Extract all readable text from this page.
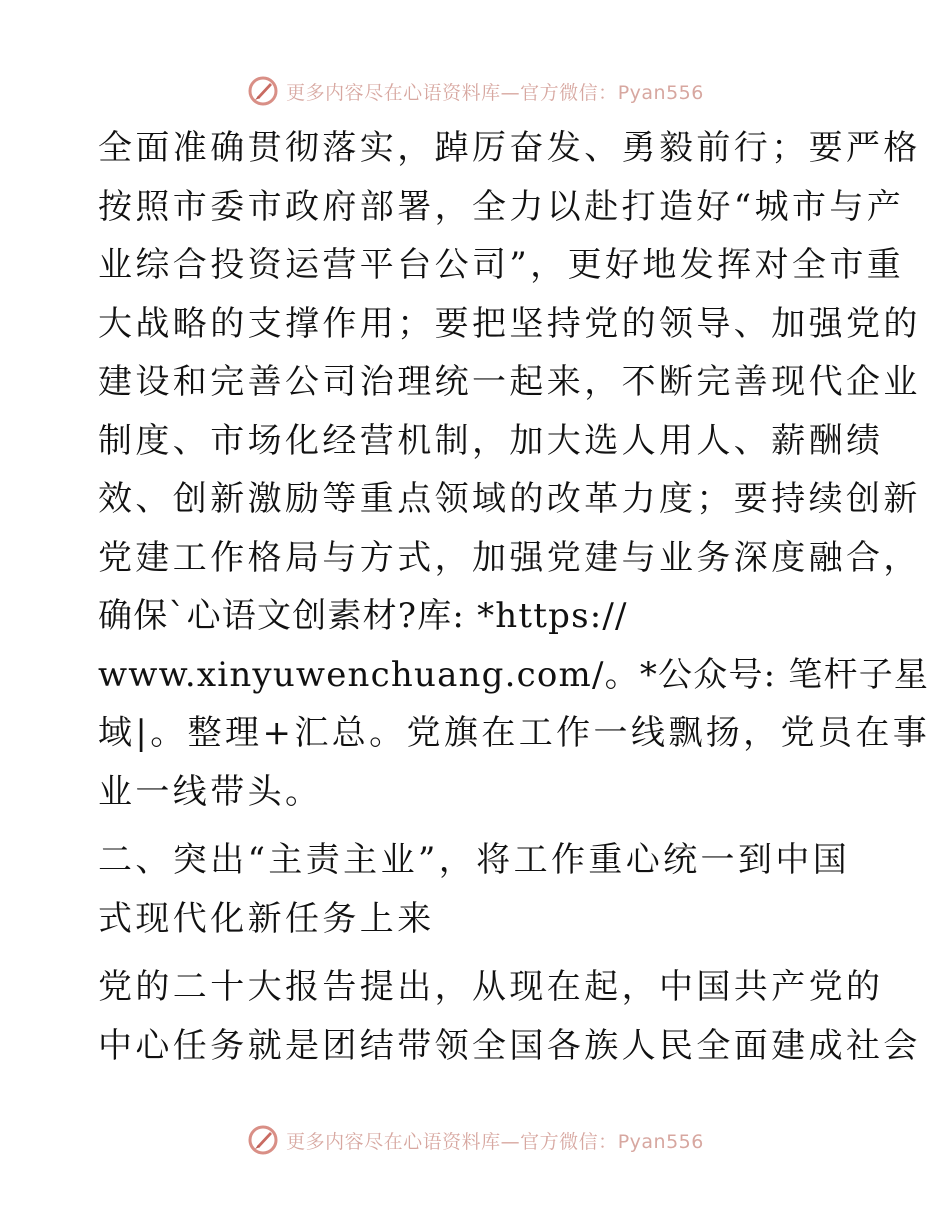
更多内容尽在心语资料库—官方微信：Pyan556
全面准确贯彻落实，踔厉奋发、勇毅前行；要严格
按照市委市政府部署，全力以赴打造好“城市与产
业综合投资运营平台公司”，更好地发挥对全市重
大战略的支撑作用；要把坚持党的领导、加强党的
建设和完善公司治理统一起来，不断完善现代企业
制度、市场化经营机制，加大选人用人、薪酬绩
效、创新激励等重点领域的改革力度；要持续创新
党建工作格局与方式，加强党建与业务深度融合，
确保`心语文创素材?库: *https://
www.xinyuwenchuang.com/。*公众号: 笔杆子星
域|。整理+汇总。党旗在工作一线飘扬，党员在事
业一线带头。
二、突出“主责主业”，将工作重心统一到中国
式现代化新任务上来
党的二十大报告提出，从现在起，中国共产党的
中心任务就是团结带领全国各族人民全面建成社会
更多内容尽在心语资料库—官方微信：Pyan556
